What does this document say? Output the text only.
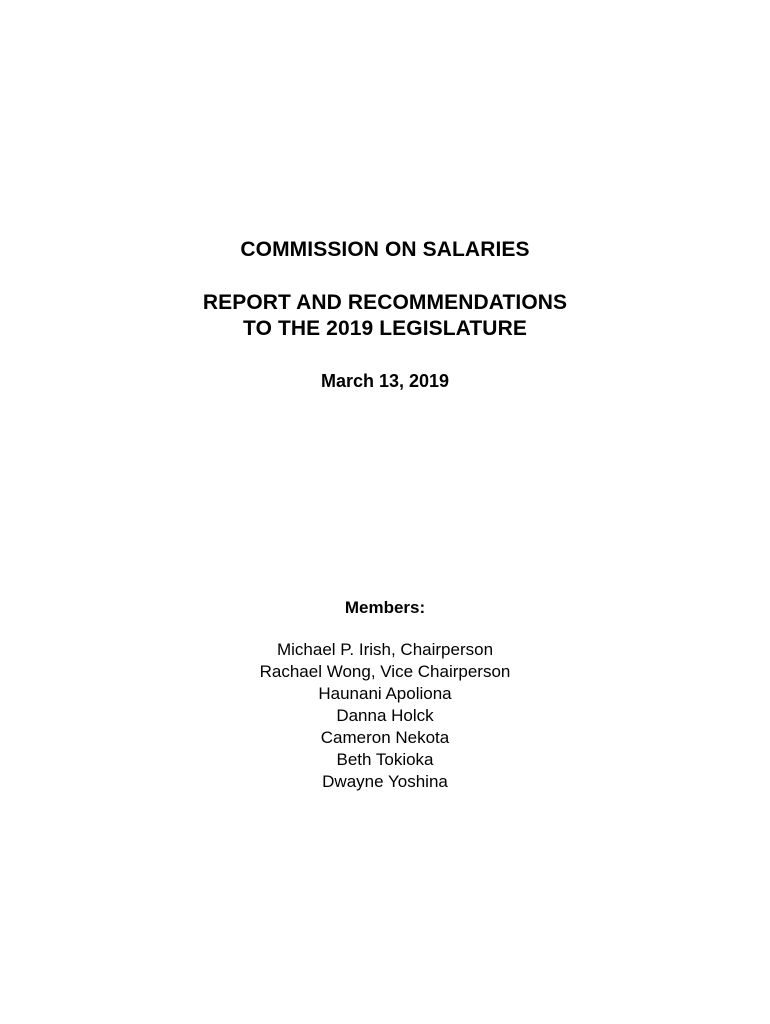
COMMISSION ON SALARIES
REPORT AND RECOMMENDATIONS
TO THE 2019 LEGISLATURE
March 13, 2019
Members:
Michael P. Irish, Chairperson
Rachael Wong, Vice Chairperson
Haunani Apoliona
Danna Holck
Cameron Nekota
Beth Tokioka
Dwayne Yoshina
